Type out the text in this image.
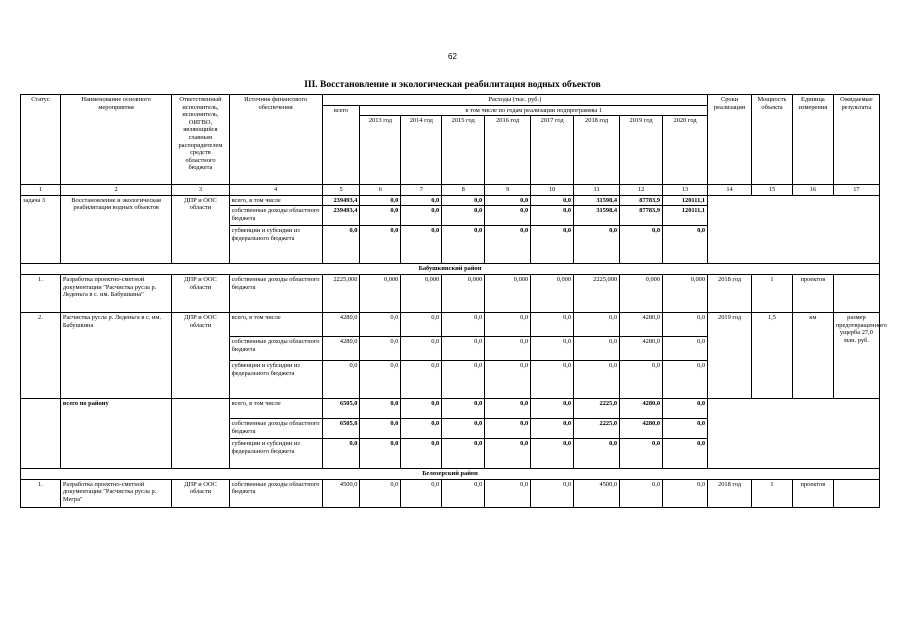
62
III. Восстановление и экологическая реабилитация водных объектов
Статус	Наименование основного мероприятия	Ответственный исполнитель, исполнитель, ОИГВО, являющийся главным распорядителем средств областного бюджета	Источник финансового обеспечения	Расходы (тыс. руб.)									Сроки реализации	Мощность объекта	Единица измерения	Ожидаемые результаты
				всего	в том числе по годам реализации подпрограммы 1											
					2013 год	2014 год	2015 год	2016 год	2017 год	2018 год	2019 год	2020 год				
1	2	3	4	5	6	7	8	9	10	11	12	13	14	15	16	17
задача 3	Восстановление и экологическая реабилитация водных объектов	ДПР и ООС области	всего, в том числе	239493,4	0,0	0,0	0,0	0,0	0,0	31598,4	87783,9	120111,1				
			собственные доходы областного бюджета	239493,4	0,0	0,0	0,0	0,0	0,0	31598,4	87783,9	120111,1				
			субвенции и субсидии из федерального бюджета	0,0	0,0	0,0	0,0	0,0	0,0	0,0	0,0	0,0				
Бабушкинский район																
1.	Разработка проектно-сметной документации "Расчистка русла р. Леденьга в с. им. Бабушкина"	ДПР и ООС области	собственные доходы областного бюджета	2225,000	0,000	0,000	0,000	0,000	0,000	2225,000	0,000	0,000	2018 год	1	проектов	
2.	Расчистка русла р. Леденьга в с. им. Бабушкина	ДПР и ООС области	всего, в том числе	4280,0	0,0	0,0	0,0	0,0	0,0	0,0	4280,0	0,0	2019 год	1,5	км	размер предотвращенного ущерба 27,0 млн. руб.
			собственные доходы областного бюджета	4280,0	0,0	0,0	0,0	0,0	0,0	0,0	4280,0	0,0				
			субвенции и субсидии из федерального бюджета	0,0	0,0	0,0	0,0	0,0	0,0	0,0	0,0	0,0				
	всего по району		всего, в том числе	6505,0	0,0	0,0	0,0	0,0	0,0	2225,0	4280,0	0,0				
			собственные доходы областного бюджета	6505,0	0,0	0,0	0,0	0,0	0,0	2225,0	4280,0	0,0				
			субвенции и субсидии из федерального бюджета	0,0	0,0	0,0	0,0	0,0	0,0	0,0	0,0	0,0				
Белозерский район																
1.	Разработка проектно-сметной документации "Расчистка русла р. Мегра"	ДПР и ООС области	собственные доходы областного бюджета	4500,0	0,0	0,0	0,0	0,0	0,0	4500,0	0,0	0,0	2018 год	1	проектов	
